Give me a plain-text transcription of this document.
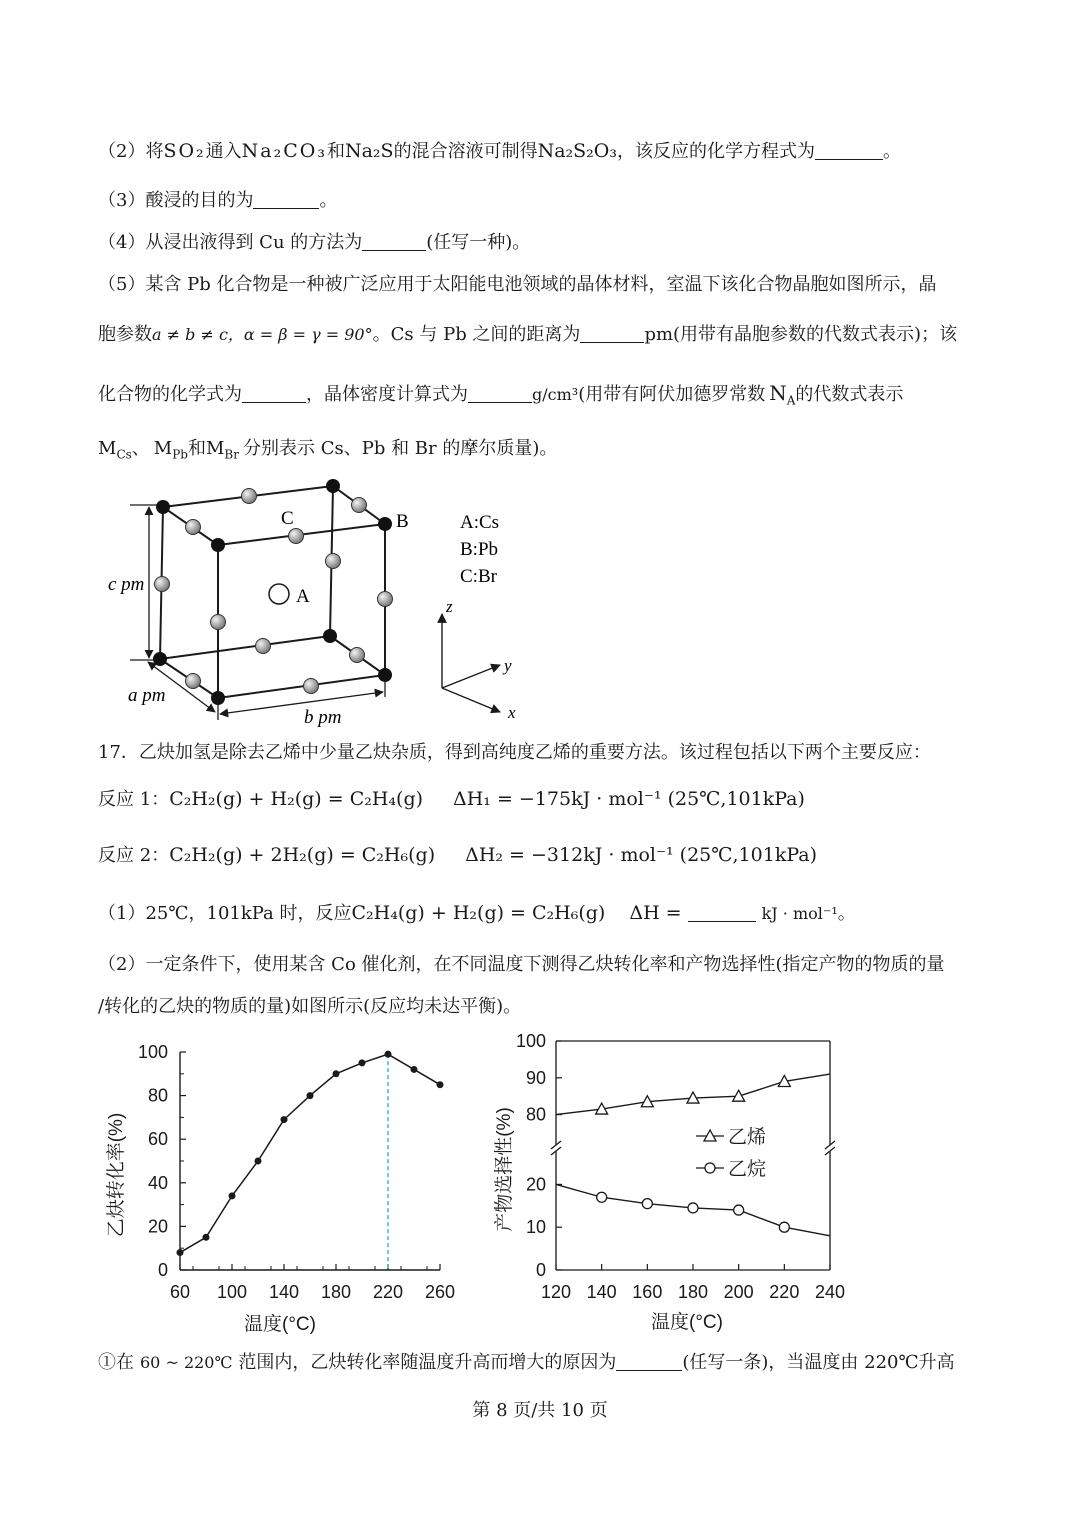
（2）将SO₂通入Na₂CO₃和Na₂S的混合溶液可制得Na₂S₂O₃，该反应的化学方程式为	。
（3）酸浸的目的为	。
（4）从浸出液得到 Cu 的方法为	(任写一种)。
（5）某含 Pb 化合物是一种被广泛应用于太阳能电池领域的晶体材料，室温下该化合物晶胞如图所示，晶
胞参数a ≠ b ≠ c，α = β = γ = 90°。Cs 与 Pb 之间的距离为	pm(用带有晶胞参数的代数式表示)；该
化合物的化学式为	，晶体密度计算式为	g/cm³(用带有阿伏加德罗常数 $N_A$的代数式表示
$M_{Cs}$、 $M_{Pb}$和$M_{Br}$ 分别表示 Cs、Pb 和 Br 的摩尔质量)。
C	B
A
c pm
a pm
b pm
A:Cs
B:Pb
C:Br
z
y
x
17．乙炔加氢是除去乙烯中少量乙炔杂质，得到高纯度乙烯的重要方法。该过程包括以下两个主要反应：
反应 1：C₂H₂(g) + H₂(g) = C₂H₄(g) ΔH₁ = −175kJ · mol⁻¹ (25℃,101kPa)
反应 2：C₂H₂(g) + 2H₂(g) = C₂H₆(g) ΔH₂ = −312kJ · mol⁻¹ (25℃,101kPa)
（1）25℃，101kPa 时，反应C₂H₄(g) + H₂(g) = C₂H₆(g) ΔH =	kJ · mol⁻¹。
（2）一定条件下，使用某含 Co 催化剂，在不同温度下测得乙炔转化率和产物选择性(指定产物的物质的量
/转化的乙炔的物质的量)如图所示(反应均未达平衡)。
0
20
40
60
80
100
60 100 140 180 220 260
温度(°C)
乙炔转化率(%)
0
10
20
80
90
100
120 140 160 180 200 220 240
乙烯
乙烷
温度(°C)
产物选择性(%)
①在 60 ~ 220℃ 范围内，乙炔转化率随温度升高而增大的原因为	(任写一条)，当温度由 220℃升高
第 8 页/共 10 页
